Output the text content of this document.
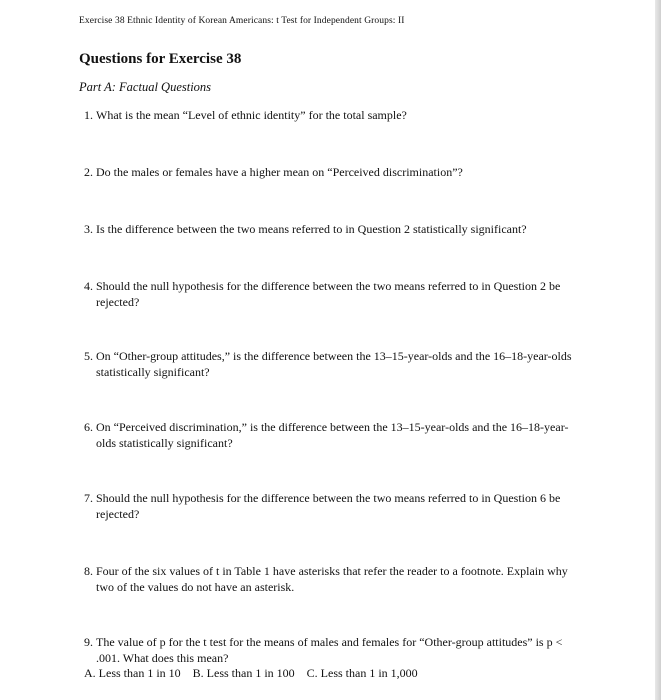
Exercise 38 Ethnic Identity of Korean Americans: t Test for Independent Groups: II
Questions for Exercise 38
Part A: Factual Questions
1. What is the mean “Level of ethnic identity” for the total sample?
2. Do the males or females have a higher mean on “Perceived discrimination”?
3. Is the difference between the two means referred to in Question 2 statistically significant?
4. Should the null hypothesis for the difference between the two means referred to in Question 2 be rejected?
5. On “Other-group attitudes,” is the difference between the 13–15-year-olds and the 16–18-year-olds statistically significant?
6. On “Perceived discrimination,” is the difference between the 13–15-year-olds and the 16–18-year-olds statistically significant?
7. Should the null hypothesis for the difference between the two means referred to in Question 6 be rejected?
8. Four of the six values of t in Table 1 have asterisks that refer the reader to a footnote. Explain why two of the values do not have an asterisk.
9. The value of p for the t test for the means of males and females for “Other-group attitudes” is p < .001. What does this mean?
A. Less than 1 in 10 B. Less than 1 in 100 C. Less than 1 in 1,000
